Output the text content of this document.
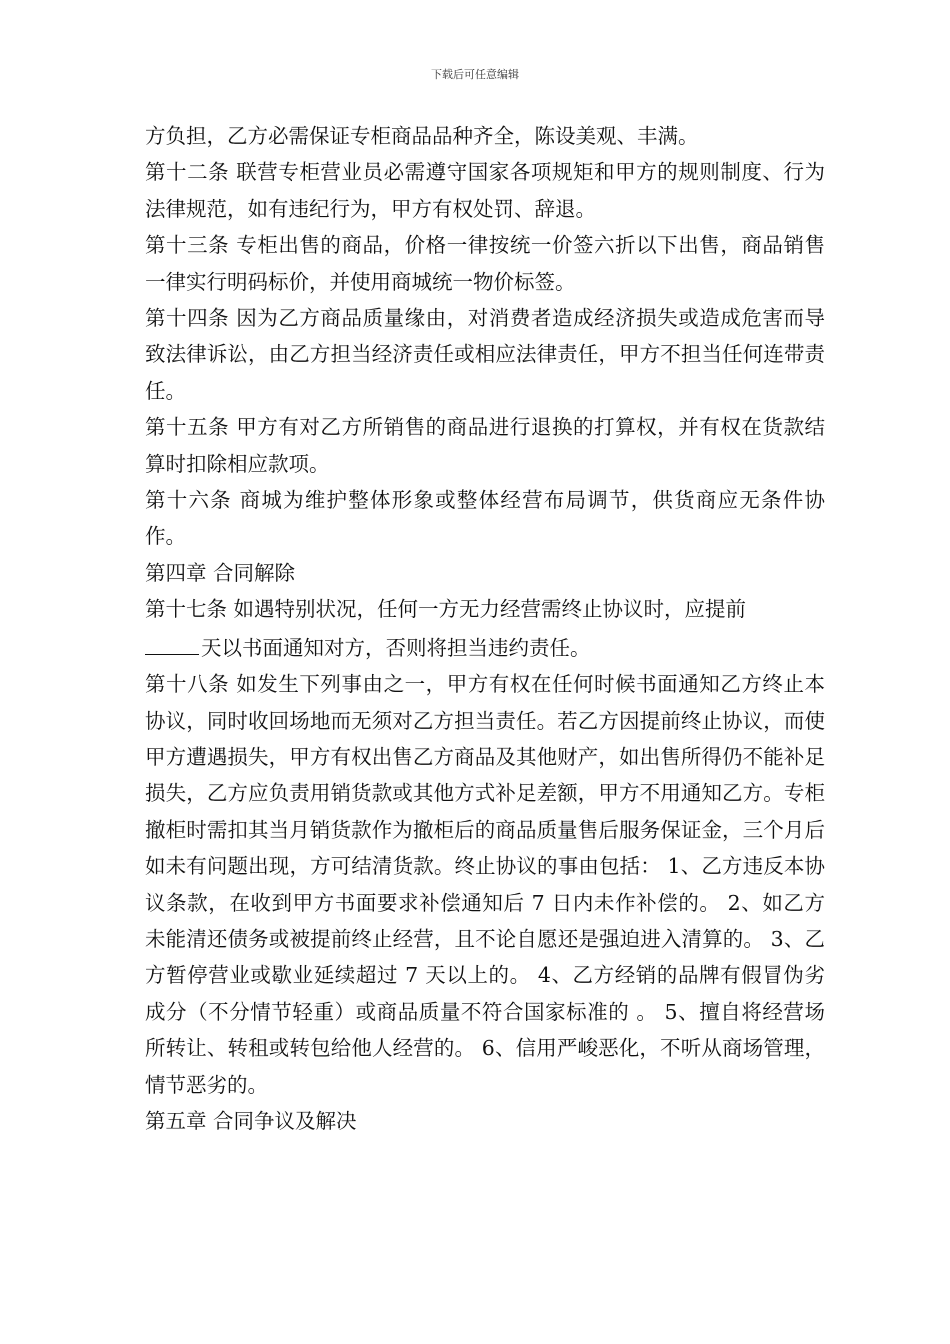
下载后可任意编辑

方负担，乙方必需保证专柜商品品种齐全，陈设美观、丰满。

第十二条 联营专柜营业员必需遵守国家各项规矩和甲方的规则制度、行为法律规范，如有违纪行为，甲方有权处罚、辞退。

第十三条 专柜出售的商品，价格一律按统一价签六折以下出售，商品销售一律实行明码标价，并使用商城统一物价标签。

第十四条 因为乙方商品质量缘由，对消费者造成经济损失或造成危害而导致法律诉讼，由乙方担当经济责任或相应法律责任，甲方不担当任何连带责任。

第十五条 甲方有对乙方所销售的商品进行退换的打算权，并有权在货款结算时扣除相应款项。

第十六条 商城为维护整体形象或整体经营布局调节，供货商应无条件协作。

第四章 合同解除

第十七条 如遇特别状况，任何一方无力经营需终止协议时，应提前
天以书面通知对方，否则将担当违约责任。

第十八条 如发生下列事由之一，甲方有权在任何时候书面通知乙方终止本协议，同时收回场地而无须对乙方担当责任。若乙方因提前终止协议，而使甲方遭遇损失，甲方有权出售乙方商品及其他财产，如出售所得仍不能补足损失，乙方应负责用销货款或其他方式补足差额，甲方不用通知乙方。专柜撤柜时需扣其当月销货款作为撤柜后的商品质量售后服务保证金，三个月后如未有问题出现，方可结清货款。终止协议的事由包括： 1、乙方违反本协议条款，在收到甲方书面要求补偿通知后 7 日内未作补偿的。 2、如乙方未能清还债务或被提前终止经营，且不论自愿还是强迫进入清算的。 3、乙方暂停营业或歇业延续超过 7 天以上的。 4、乙方经销的品牌有假冒伪劣成分（不分情节轻重）或商品质量不符合国家标准的 。 5、擅自将经营场所转让、转租或转包给他人经营的。 6、信用严峻恶化，不听从商场管理，情节恶劣的。

第五章 合同争议及解决
